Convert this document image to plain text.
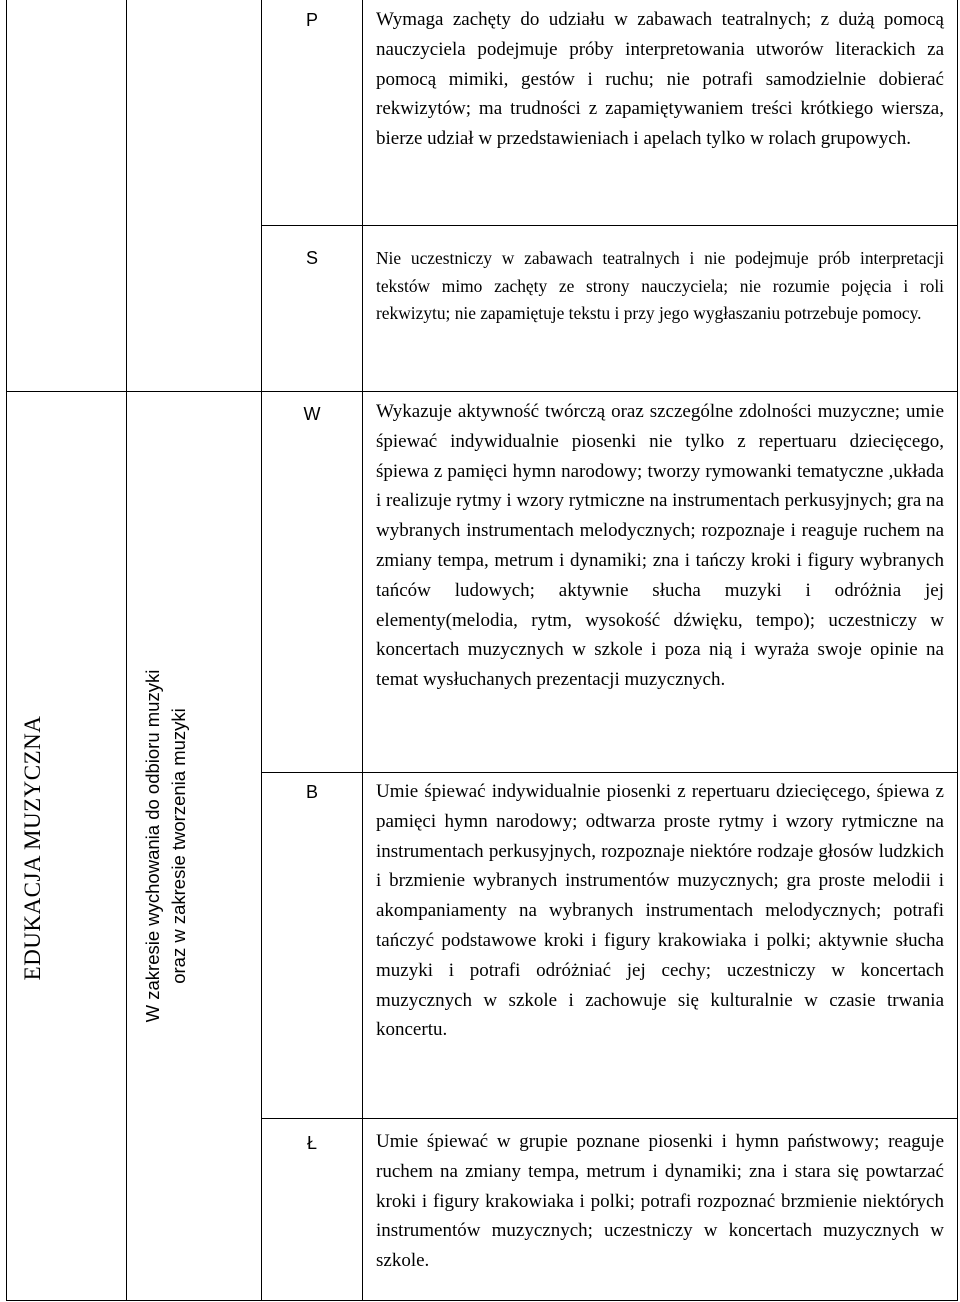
EDUKACJA MUZYCZNA	W zakresie wychowania do odbioru muzyki oraz w zakresie tworzenia muzyki
P	Wymaga zachęty do udziału w zabawach teatralnych; z dużą pomocą nauczyciela podejmuje próby interpretowania utworów literackich za pomocą mimiki, gestów i ruchu; nie potrafi samodzielnie dobierać rekwizytów; ma trudności z zapamiętywaniem treści krótkiego wiersza, bierze udział w przedstawieniach i apelach tylko w rolach grupowych.
S	Nie uczestniczy w zabawach teatralnych i nie podejmuje prób interpretacji tekstów mimo zachęty ze strony nauczyciela; nie rozumie pojęcia i roli rekwizytu; nie zapamiętuje tekstu i przy jego wygłaszaniu potrzebuje pomocy.
W	Wykazuje aktywność twórczą oraz szczególne zdolności muzyczne; umie śpiewać indywidualnie piosenki nie tylko z repertuaru dziecięcego, śpiewa z pamięci hymn narodowy; tworzy rymowanki tematyczne ,układa i realizuje rytmy i wzory rytmiczne na instrumentach perkusyjnych; gra na wybranych instrumentach melodycznych; rozpoznaje i reaguje ruchem na zmiany tempa, metrum i dynamiki; zna i tańczy kroki i figury wybranych tańców ludowych; aktywnie słucha muzyki i odróżnia jej elementy(melodia, rytm, wysokość dźwięku, tempo); uczestniczy w koncertach muzycznych w szkole i poza nią i wyraża swoje opinie na temat wysłuchanych prezentacji muzycznych.
B	Umie śpiewać indywidualnie piosenki z repertuaru dziecięcego, śpiewa z pamięci hymn narodowy; odtwarza proste rytmy i wzory rytmiczne na instrumentach perkusyjnych, rozpoznaje niektóre rodzaje głosów ludzkich i brzmienie wybranych instrumentów muzycznych; gra proste melodii i akompaniamenty na wybranych instrumentach melodycznych; potrafi tańczyć podstawowe kroki i figury krakowiaka i polki; aktywnie słucha muzyki i potrafi odróżniać jej cechy; uczestniczy w koncertach muzycznych w szkole i zachowuje się kulturalnie w czasie trwania koncertu.
Ł	Umie śpiewać w grupie poznane piosenki i hymn państwowy; reaguje ruchem na zmiany tempa, metrum i dynamiki; zna i stara się powtarzać kroki i figury krakowiaka i polki; potrafi rozpoznać brzmienie niektórych instrumentów muzycznych; uczestniczy w koncertach muzycznych w szkole.
